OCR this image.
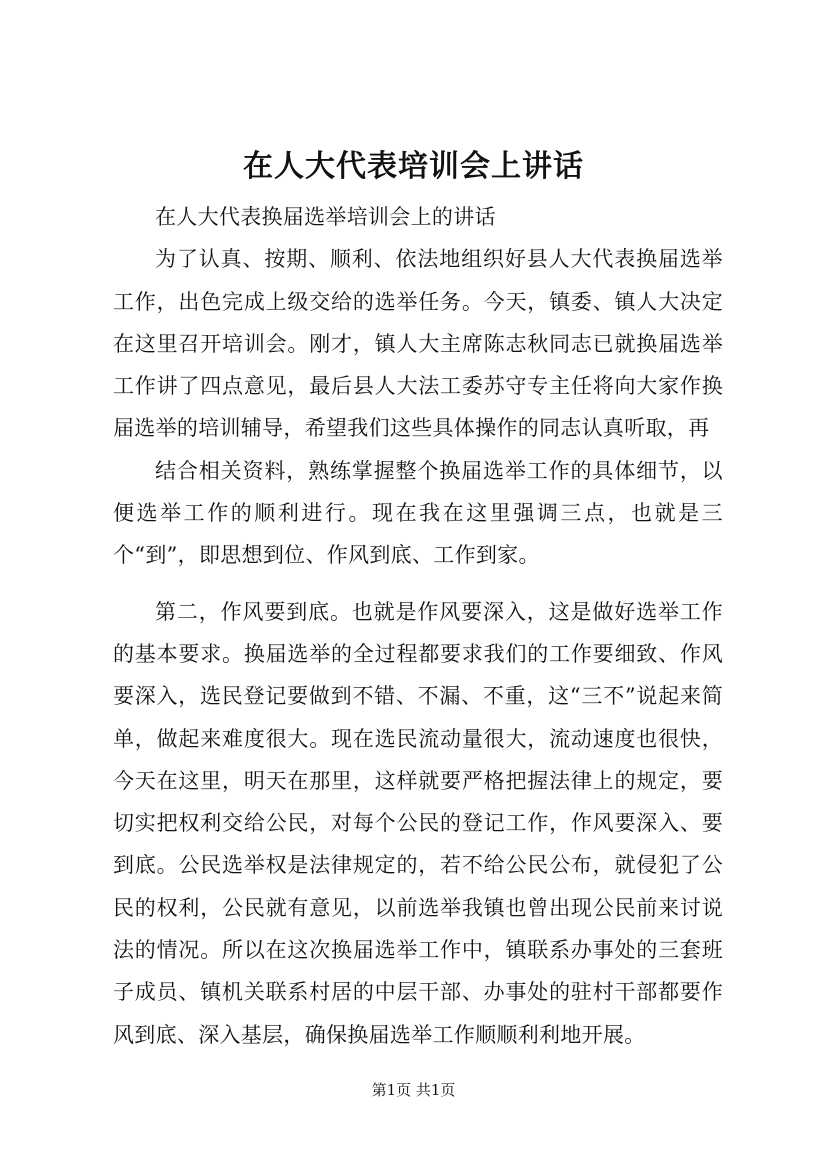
在人大代表培训会上讲话

在人大代表换届选举培训会上的讲话

为了认真、按期、顺利、依法地组织好县人大代表换届选举工作，出色完成上级交给的选举任务。今天，镇委、镇人大决定在这里召开培训会。刚才，镇人大主席陈志秋同志已就换届选举工作讲了四点意见，最后县人大法工委苏守专主任将向大家作换届选举的培训辅导，希望我们这些具体操作的同志认真听取，再

结合相关资料，熟练掌握整个换届选举工作的具体细节，以便选举工作的顺利进行。现在我在这里强调三点，也就是三个“到”，即思想到位、作风到底、工作到家。

第二，作风要到底。也就是作风要深入，这是做好选举工作的基本要求。换届选举的全过程都要求我们的工作要细致、作风要深入，选民登记要做到不错、不漏、不重，这“三不”说起来简单，做起来难度很大。现在选民流动量很大，流动速度也很快，今天在这里，明天在那里，这样就要严格把握法律上的规定，要切实把权利交给公民，对每个公民的登记工作，作风要深入、要到底。公民选举权是法律规定的，若不给公民公布，就侵犯了公民的权利，公民就有意见，以前选举我镇也曾出现公民前来讨说法的情况。所以在这次换届选举工作中，镇联系办事处的三套班子成员、镇机关联系村居的中层干部、办事处的驻村干部都要作风到底、深入基层，确保换届选举工作顺顺利利地开展。

第1页 共1页
